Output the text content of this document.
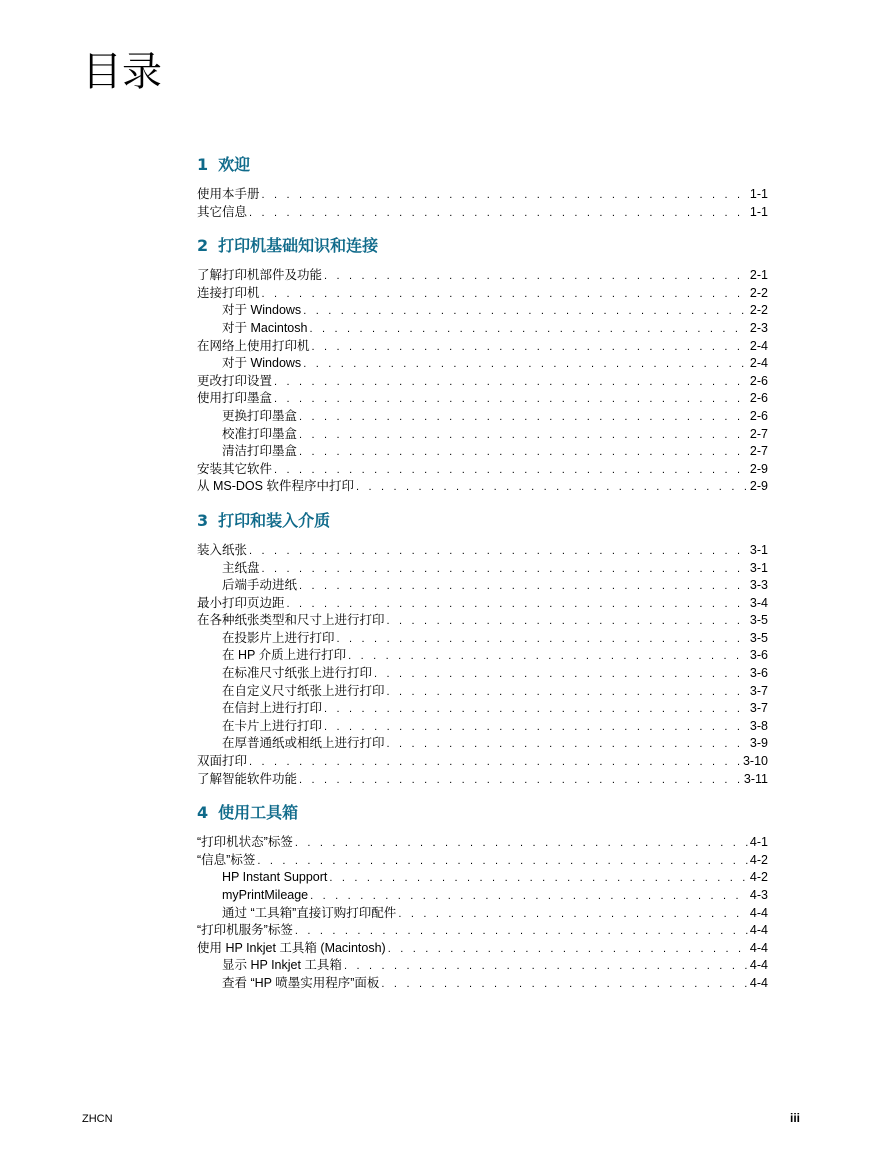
目录
1 欢迎
使用本手册 . . .	1-1
其它信息 . . .	1-1
2 打印机基础知识和连接
了解打印机部件及功能 . . .	2-1
连接打印机 . . .	2-2
对于 Windows . . .	2-2
对于 Macintosh . . .	2-3
在网络上使用打印机 . . .	2-4
对于 Windows . . .	2-4
更改打印设置 . . .	2-6
使用打印墨盒 . . .	2-6
更换打印墨盒 . . .	2-6
校准打印墨盒 . . .	2-7
清洁打印墨盒 . . .	2-7
安装其它软件 . . .	2-9
从 MS-DOS 软件程序中打印 . . .	2-9
3 打印和装入介质
装入纸张 . . .	3-1
主纸盘 . . .	3-1
后端手动进纸 . . .	3-3
最小打印页边距 . . .	3-4
在各种纸张类型和尺寸上进行打印 . . .	3-5
在投影片上进行打印 . . .	3-5
在 HP 介质上进行打印 . . .	3-6
在标准尺寸纸张上进行打印 . . .	3-6
在自定义尺寸纸张上进行打印 . . .	3-7
在信封上进行打印 . . .	3-7
在卡片上进行打印 . . .	3-8
在厚普通纸或相纸上进行打印 . . .	3-9
双面打印 . . .	3-10
了解智能软件功能 . . .	3-11
4 使用工具箱
“打印机状态”标签 . . .	4-1
“信息”标签 . . .	4-2
HP Instant Support . . .	4-2
myPrintMileage . . .	4-3
通过 “工具箱”直接订购打印配件 . . .	4-4
“打印机服务”标签 . . .	4-4
使用 HP Inkjet 工具箱 (Macintosh) . . .	4-4
显示 HP Inkjet 工具箱 . . .	4-4
查看 “HP 喷墨实用程序”面板 . . .	4-4
ZHCN	iii
